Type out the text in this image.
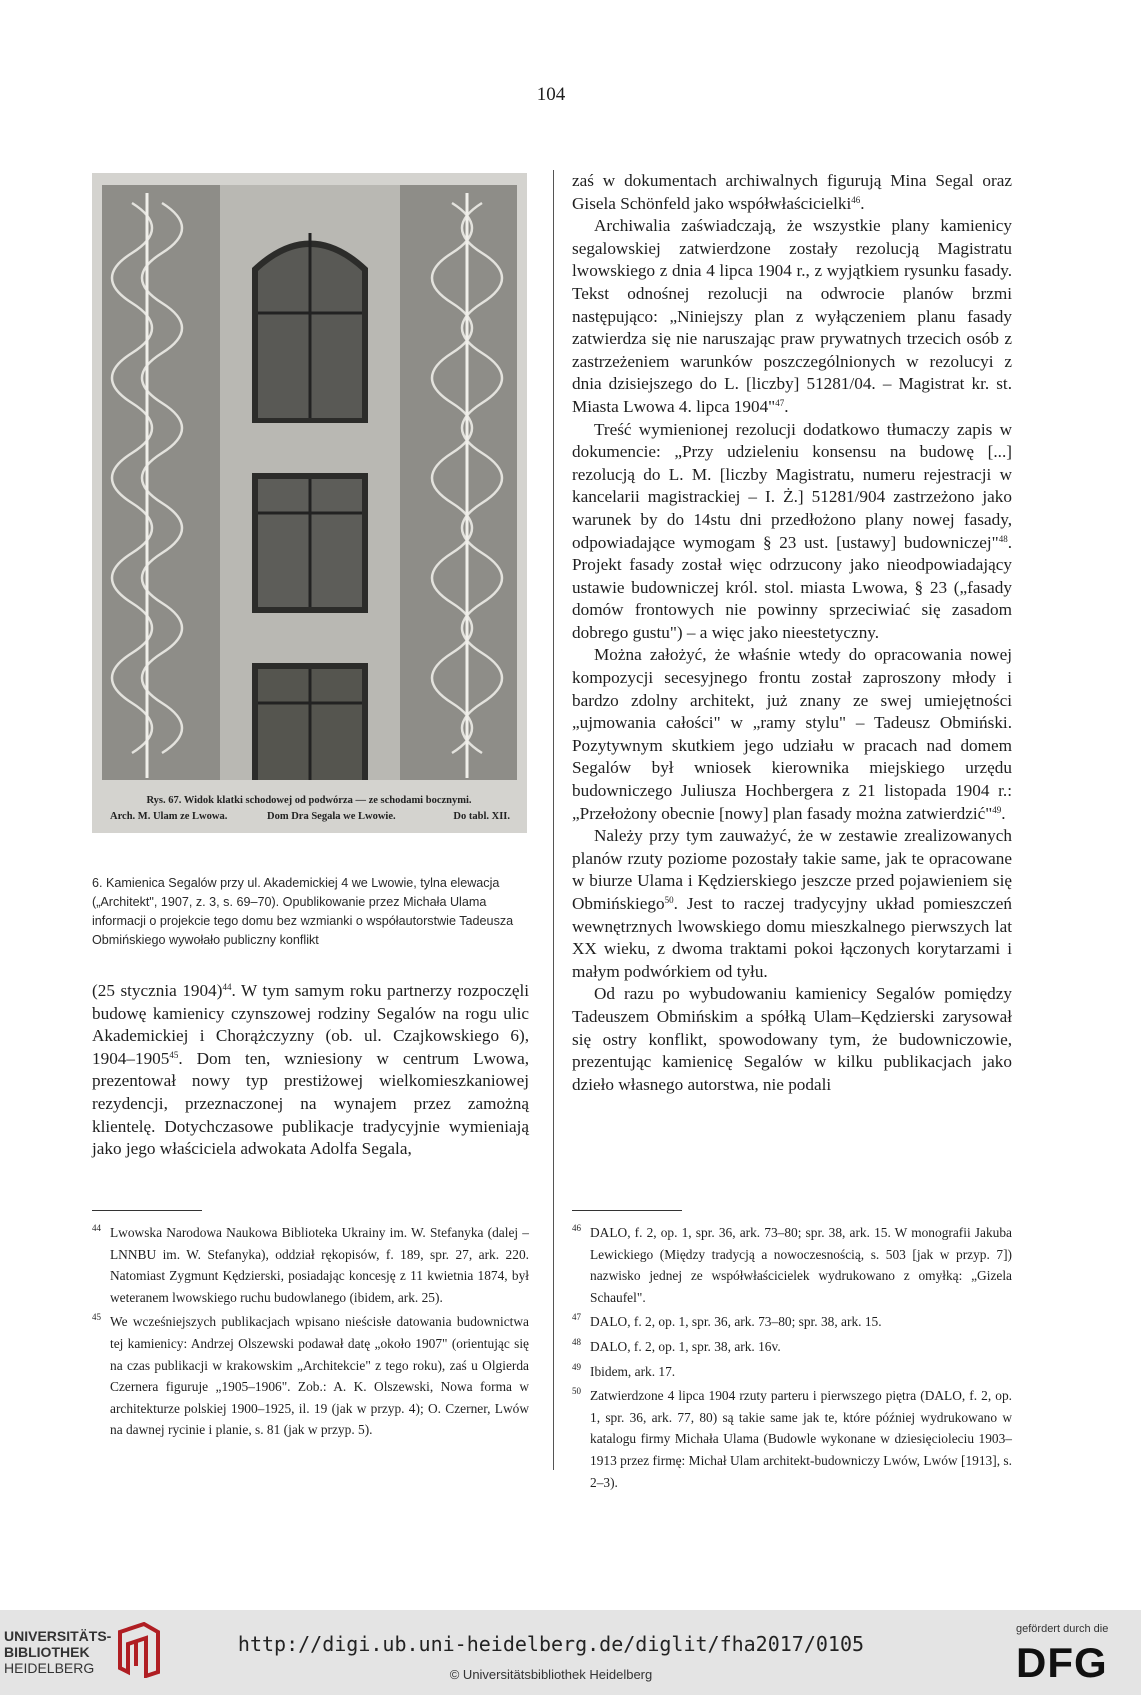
104
Rys. 67. Widok klatki schodowej od podwórza — ze schodami bocznymi.
Arch. M. Ulam ze Lwowa.	Dom Dra Segala we Lwowie.	Do tabl. XII.
6. Kamienica Segalów przy ul. Akademickiej 4 we Lwowie, tylna elewacja („Architekt", 1907, z. 3, s. 69–70). Opublikowanie przez Michała Ulama informacji o projekcie tego domu bez wzmianki o współautorstwie Tadeusza Obmińskiego wywołało publiczny konflikt

(25 stycznia 1904)$^{44}$. W tym samym roku partnerzy rozpoczęli budowę kamienicy czynszowej rodziny Segalów na rogu ulic Akademickiej i Chorążczyzny (ob. ul. Czajkowskiego 6), 1904–1905$^{45}$. Dom ten, wzniesiony w centrum Lwowa, prezentował nowy typ prestiżowej wielkomieszkaniowej rezydencji, przeznaczonej na wynajem przez zamożną klientelę. Dotychczasowe publikacje tradycyjnie wymieniają jako jego właściciela adwokata Adolfa Segala,

zaś w dokumentach archiwalnych figurują Mina Segal oraz Gisela Schönfeld jako współwłaścicielki$^{46}$.

Archiwalia zaświadczają, że wszystkie plany kamienicy segalowskiej zatwierdzone zostały rezolucją Magistratu lwowskiego z dnia 4 lipca 1904 r., z wyjątkiem rysunku fasady. Tekst odnośnej rezolucji na odwrocie planów brzmi następująco: „Niniejszy plan z wyłączeniem planu fasady zatwierdza się nie naruszając praw prywatnych trzecich osób z zastrzeżeniem warunków poszczególnionych w rezolucyi z dnia dzisiejszego do L. [liczby] 51281/04. – Magistrat kr. st. Miasta Lwowa 4. lipca 1904"$^{47}$.

Treść wymienionej rezolucji dodatkowo tłumaczy zapis w dokumencie: „Przy udzieleniu konsensu na budowę [...] rezolucją do L. M. [liczby Magistratu, numeru rejestracji w kancelarii magistrackiej – I. Ż.] 51281/904 zastrzeżono jako warunek by do 14stu dni przedłożono plany nowej fasady, odpowiadające wymogam § 23 ust. [ustawy] budowniczej"$^{48}$. Projekt fasady został więc odrzucony jako nieodpowiadający ustawie budowniczej król. stol. miasta Lwowa, § 23 („fasady domów frontowych nie powinny sprzeciwiać się zasadom dobrego gustu") – a więc jako nieestetyczny.

Można założyć, że właśnie wtedy do opracowania nowej kompozycji secesyjnego frontu został zaproszony młody i bardzo zdolny architekt, już znany ze swej umiejętności „ujmowania całości" w „ramy stylu" – Tadeusz Obmiński. Pozytywnym skutkiem jego udziału w pracach nad domem Segalów był wniosek kierownika miejskiego urzędu budowniczego Juliusza Hochbergera z 21 listopada 1904 r.: „Przełożony obecnie [nowy] plan fasady można zatwierdzić"$^{49}$.

Należy przy tym zauważyć, że w zestawie zrealizowanych planów rzuty poziome pozostały takie same, jak te opracowane w biurze Ulama i Kędzierskiego jeszcze przed pojawieniem się Obmińskiego$^{50}$. Jest to raczej tradycyjny układ pomieszczeń wewnętrznych lwowskiego domu mieszkalnego pierwszych lat XX wieku, z dwoma traktami pokoi łączonych korytarzami i małym podwórkiem od tyłu.

Od razu po wybudowaniu kamienicy Segalów pomiędzy Tadeuszem Obmińskim a spółką Ulam–Kędzierski zarysował się ostry konflikt, spowodowany tym, że budowniczowie, prezentując kamienicę Segalów w kilku publikacjach jako dzieło własnego autorstwa, nie podali

44 Lwowska Narodowa Naukowa Biblioteka Ukrainy im. W. Stefanyka (dalej – LNNBU im. W. Stefanyka), oddział rękopisów, f. 189, spr. 27, ark. 220. Natomiast Zygmunt Kędzierski, posiadając koncesję z 11 kwietnia 1874, był weteranem lwowskiego ruchu budowlanego (ibidem, ark. 25).
45 We wcześniejszych publikacjach wpisano nieścisłe datowania budownictwa tej kamienicy: Andrzej Olszewski podawał datę „około 1907" (orientując się na czas publikacji w krakowskim „Architekcie" z tego roku), zaś u Olgierda Czernera figuruje „1905–1906". Zob.: A. K. Olszewski, Nowa forma w architekturze polskiej 1900–1925, il. 19 (jak w przyp. 4); O. Czerner, Lwów na dawnej rycinie i planie, s. 81 (jak w przyp. 5).
46 DALO, f. 2, op. 1, spr. 36, ark. 73–80; spr. 38, ark. 15. W monografii Jakuba Lewickiego (Między tradycją a nowoczesnością, s. 503 [jak w przyp. 7]) nazwisko jednej ze współwłaścicielek wydrukowano z omyłką: „Gizela Schaufel".
47 DALO, f. 2, op. 1, spr. 36, ark. 73–80; spr. 38, ark. 15.
48 DALO, f. 2, op. 1, spr. 38, ark. 16v.
49 Ibidem, ark. 17.
50 Zatwierdzone 4 lipca 1904 rzuty parteru i pierwszego piętra (DALO, f. 2, op. 1, spr. 36, ark. 77, 80) są takie same jak te, które później wydrukowano w katalogu firmy Michała Ulama (Budowle wykonane w dziesięcioleciu 1903–1913 przez firmę: Michał Ulam architekt-budowniczy Lwów, Lwów [1913], s. 2–3).
UNIVERSITÄTS-
BIBLIOTHEK
HEIDELBERG
http://digi.ub.uni-heidelberg.de/diglit/fha2017/0105
© Universitätsbibliothek Heidelberg
gefördert durch die
DFG
